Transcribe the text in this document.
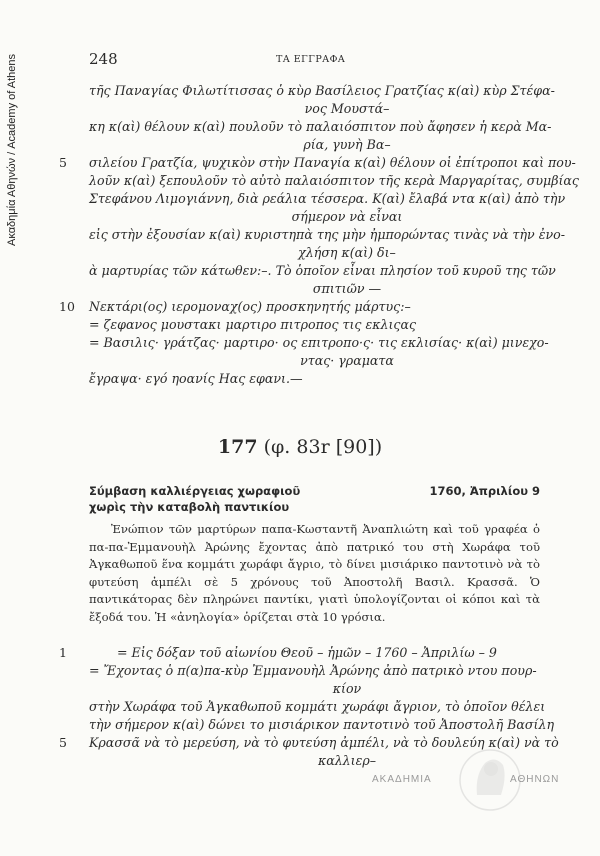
Ακαδημία Αθηνών / Academy of Athens	248	ΤΑ ΕΓΓΡΑΦΑ
τῆς Παναγίας Φιλωτίτισσας ὁ κὺρ Βασίλειος Γρατζίας κ(αὶ) κὺρ Στέφα-
νος Μουστά–
κη κ(αὶ) θέλουν κ(αὶ) πουλοῦν τὸ παλαιόσπιτον ποὺ ἄφησεν ἡ κερὰ Μα-
ρία, γυνὴ Βα–
5 σιλείου Γρατζία, ψυχικὸν στὴν Παναγία κ(αὶ) θέλουν οἱ ἐπίτροποι καὶ που-
λοῦν κ(αὶ) ξεπουλοῦν τὸ αὐτὸ παλαιόσπιτον τῆς κερὰ Μαργαρίτας, συμβίας
Στεφάνου Λιμογιάννη, διὰ ρεάλια τέσσερα. Κ(αὶ) ἔλαβά ντα κ(αὶ) ἀπὸ τὴν
σήμερον νὰ εἶναι
εἰς στὴν ἐξουσίαν κ(αὶ) κυριστηπὰ της μὴν ἠμπορώντας τινὰς νὰ τὴν ἐνο-
χλήση κ(αὶ) δι–
ὰ μαρτυρίας τῶν κάτωθεν:–. Τὸ ὁποῖον εἶναι πλησίον τοῦ κυροῦ της τῶν
σπιτιῶν —
10 Νεκτάρι(ος) ιερομοναχ(ος) προσκηνητής μάρτυς:–
= ζεφανος μουστακι μαρτιρο πιτροπος τις εκλιςας
= Βασιλις· γράτζας· μαρτιρο· ος επιτροπο·ς· τις εκλισίας· κ(αὶ) μινεχο-
ντας· γραματα
ἔγραψα· εγό ηοανίς Ηας εφανι.—
177 (φ. 83r [90])
Σύμβαση καλλιέργειας χωραφιοῦ
χωρὶς τὴν καταβολὴ παντικίου
1760, Ἀπριλίου 9
Ἐνώπιον τῶν μαρτύρων παπα-Κωσταντῆ Ἀναπλιώτη καὶ τοῦ γραφέα ὁ πα-πα-Ἐμμανουὴλ Ἀρώνης ἔχοντας ἀπὸ πατρικό του στὴ Χωράφα τοῦ Ἀγκαθωποῦ ἕνα κομμάτι χωράφι ἄγριο, τὸ δίνει μισιάρικο παντοτινὸ νὰ τὸ φυτεύση ἀμπέλι σὲ 5 χρόνους τοῦ Ἀποστολῆ Βασιλ. Κρασσᾶ. Ὁ παντικάτορας δὲν πληρώνει παντίκι, γιατὶ ὑπολογίζονται οἱ κόποι καὶ τὰ ἔξοδά του. Ἡ «ἀνηλογία» ὁρίζεται στὰ 10 γρόσια.
1	= Εἰς δόξαν τοῦ αἰωνίου Θεοῦ – ἡμῶν – 1760 – Ἀπριλίω – 9
= Ἔχοντας ὁ π(α)πα-κὺρ Ἐμμανουὴλ Ἀρώνης ἀπὸ πατρικὸ ντου πουρ-
κίον
στὴν Χωράφα τοῦ Ἀγκαθωποῦ κομμάτι χωράφι ἄγριον, τὸ ὁποῖον θέλει
τὴν σήμερον κ(αὶ) δώνει το μισιάρικον παντοτινὸ τοῦ Ἀποστολῆ Βασίλη
5 Κρασσᾶ νὰ τὸ μερεύση, νὰ τὸ φυτεύση ἀμπέλι, νὰ τὸ δουλεύη κ(αὶ) νὰ τὸ
καλλιερ–
ΑΚΑΔΗΜΙΑ	ΑΘΗΝΩΝ
